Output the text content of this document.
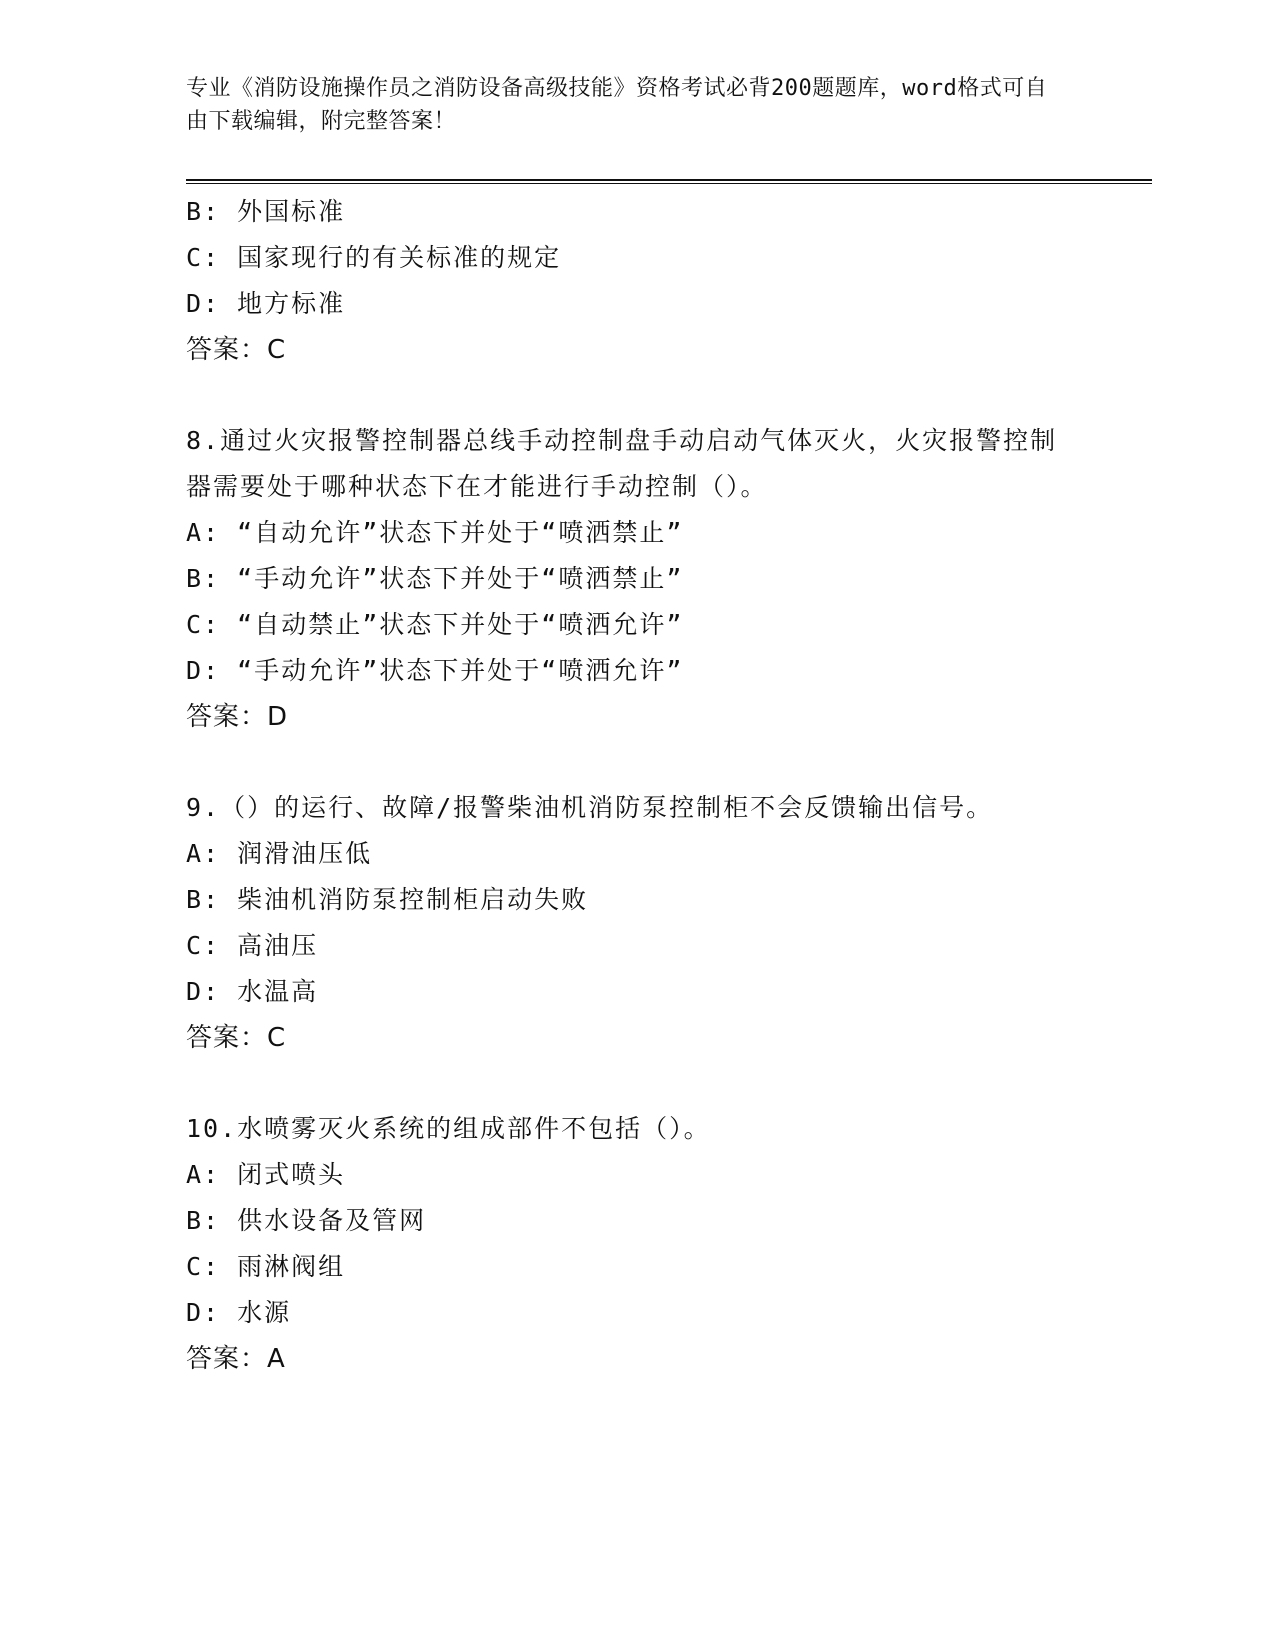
专业《消防设施操作员之消防设备高级技能》资格考试必背200题题库，word格式可自由下载编辑，附完整答案！
B: 外国标准
C: 国家现行的有关标准的规定
D: 地方标准
答案：C
8.通过火灾报警控制器总线手动控制盘手动启动气体灭火，火灾报警控制器需要处于哪种状态下在才能进行手动控制（）。
A: “自动允许”状态下并处于“喷洒禁止”
B: “手动允许”状态下并处于“喷洒禁止”
C: “自动禁止”状态下并处于“喷洒允许”
D: “手动允许”状态下并处于“喷洒允许”
答案：D
9.（）的运行、故障/报警柴油机消防泵控制柜不会反馈输出信号。
A: 润滑油压低
B: 柴油机消防泵控制柜启动失败
C: 高油压
D: 水温高
答案：C
10.水喷雾灭火系统的组成部件不包括（）。
A: 闭式喷头
B: 供水设备及管网
C: 雨淋阀组
D: 水源
答案：A
